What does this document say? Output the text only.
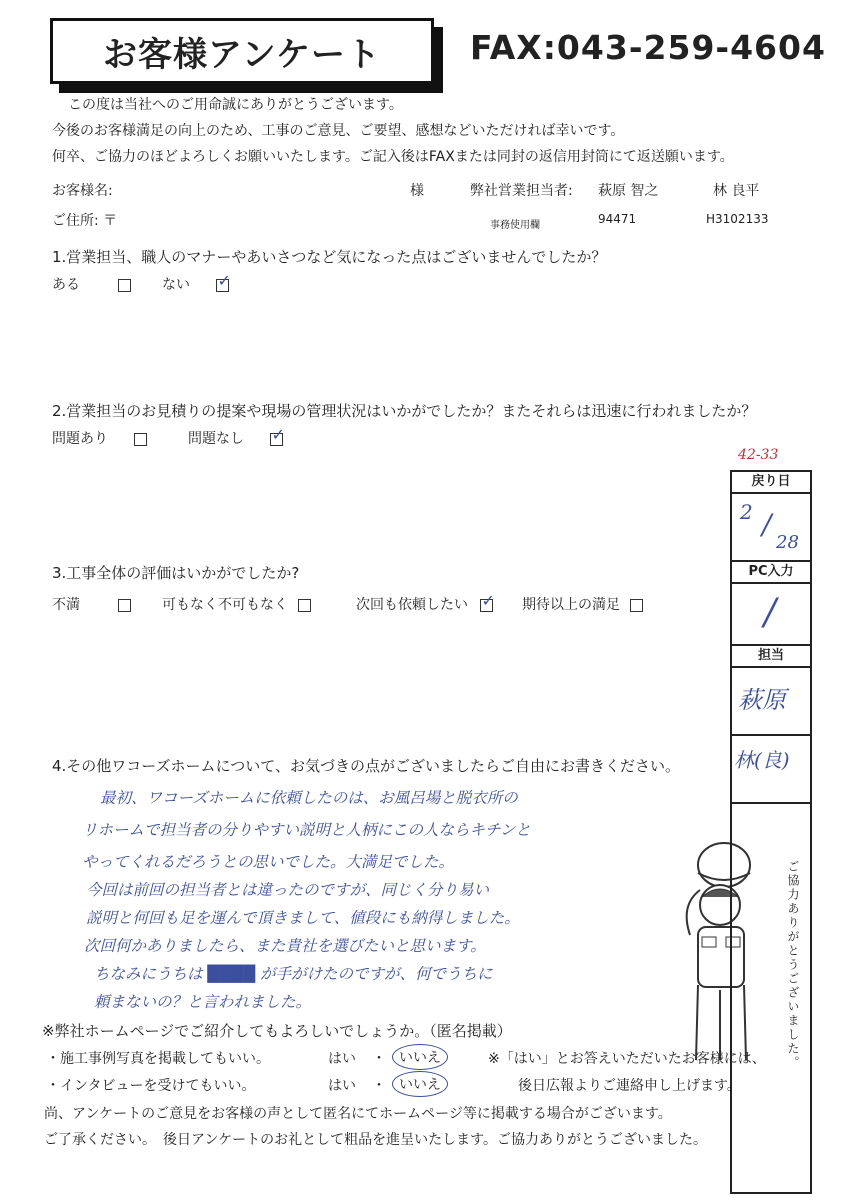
お客様アンケート	FAX:043-259-4604
この度は当社へのご用命誠にありがとうございます。
今後のお客様満足の向上のため、工事のご意見、ご要望、感想などいただければ幸いです。
何卒、ご協力のほどよろしくお願いいたします。ご記入後はFAXまたは同封の返信用封筒にて返送願います。
お客様名:	様	弊社営業担当者: 萩原 智之	林 良平
ご住所: 〒	事務使用欄	94471	H3102133
1.営業担当、職人のマナーやあいさつなど気になった点はございませんでしたか？
ある	ない ✓
2.営業担当のお見積りの提案や現場の管理状況はいかがでしたか？またそれらは迅速に行われましたか？
問題あり	問題なし ✓
3.工事全体の評価はいかがでしたか?
不満	可もなく不可もなく	次回も依頼したい ✓	期待以上の満足
4.その他ワコーズホームについて、お気づきの点がございましたらご自由にお書きください。
最初、ワコーズホームに依頼したのは、お風呂場と脱衣所の
リホームで担当者の分りやすい説明と人柄にこの人ならキチンと
やってくれるだろうとの思いでした。大満足でした。
今回は前回の担当者とは違ったのですが、同じく分り易い
説明と何回も足を運んで頂きまして、値段にも納得しました。
次回何かありましたら、また貴社を選びたいと思います。
ちなみにうちは ████ が手がけたのですが、何でうちに
頼まないの？と言われました。	ご協力ありがとうございました。
42-33
戻り日
2 /
28
PC入力
/
担当
萩原
林(良)
※弊社ホームページでご紹介してもよろしいでしょうか。（匿名掲載）
・施工事例写真を掲載してもいい。	はい ・ いいえ	※「はい」とお答えいただいたお客様には、
・インタビューを受けてもいい。	はい ・ いいえ	後日広報よりご連絡申し上げます。
尚、アンケートのご意見をお客様の声として匿名にてホームページ等に掲載する場合がございます。
ご了承ください。　後日アンケートのお礼として粗品を進呈いたします。ご協力ありがとうございました。
